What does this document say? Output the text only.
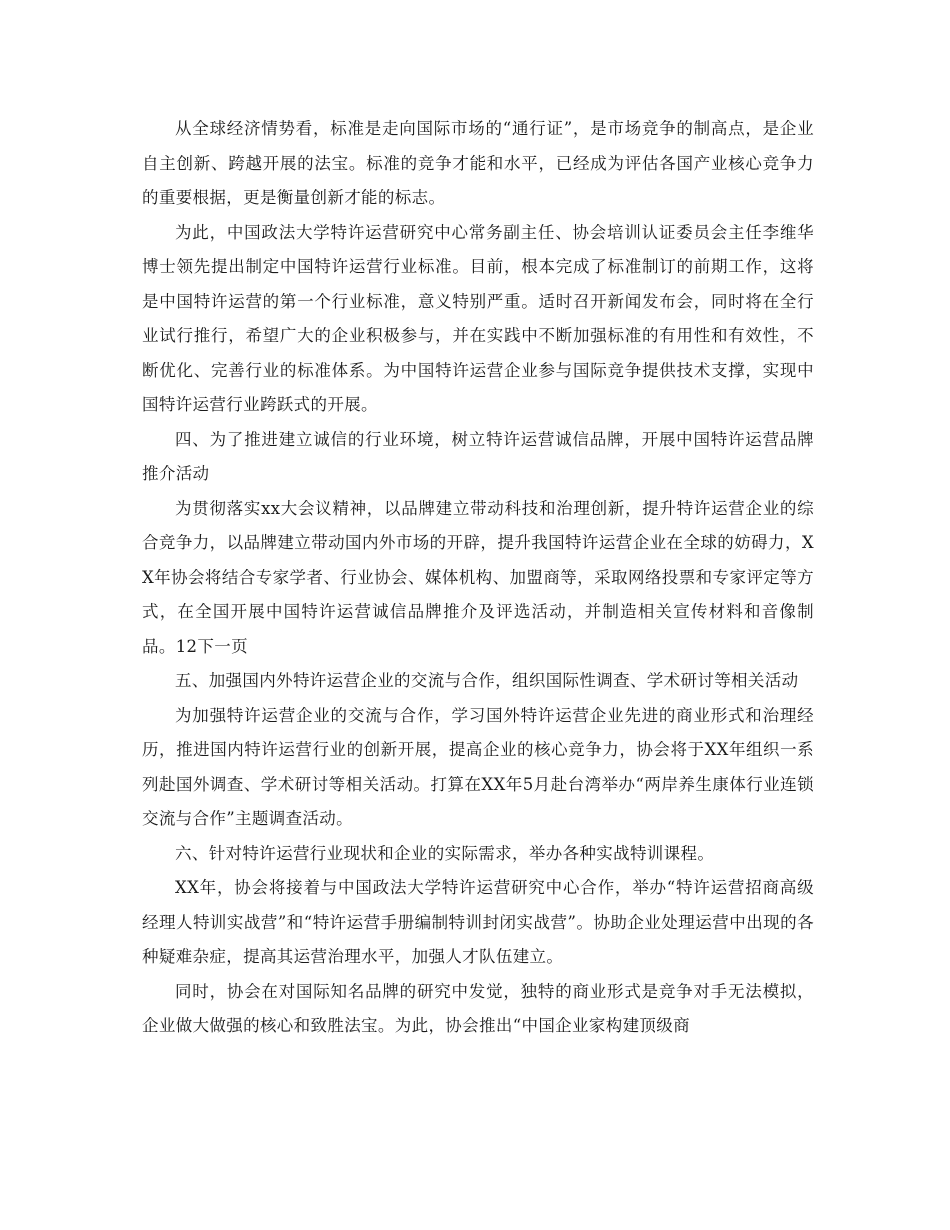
从全球经济情势看，标准是走向国际市场的“通行证”，是市场竞争的制高点，是企业自主创新、跨越开展的法宝。标准的竞争才能和水平，已经成为评估各国产业核心竞争力的重要根据，更是衡量创新才能的标志。

为此，中国政法大学特许运营研究中心常务副主任、协会培训认证委员会主任李维华博士领先提出制定中国特许运营行业标准。目前，根本完成了标准制订的前期工作，这将是中国特许运营的第一个行业标准，意义特别严重。适时召开新闻发布会，同时将在全行业试行推行，希望广大的企业积极参与，并在实践中不断加强标准的有用性和有效性，不断优化、完善行业的标准体系。为中国特许运营企业参与国际竞争提供技术支撑，实现中国特许运营行业跨跃式的开展。

四、为了推进建立诚信的行业环境，树立特许运营诚信品牌，开展中国特许运营品牌推介活动

为贯彻落实xx大会议精神，以品牌建立带动科技和治理创新，提升特许运营企业的综合竞争力，以品牌建立带动国内外市场的开辟，提升我国特许运营企业在全球的妨碍力，XX年协会将结合专家学者、行业协会、媒体机构、加盟商等，采取网络投票和专家评定等方式，在全国开展中国特许运营诚信品牌推介及评选活动，并制造相关宣传材料和音像制品。12下一页

五、加强国内外特许运营企业的交流与合作，组织国际性调查、学术研讨等相关活动

为加强特许运营企业的交流与合作，学习国外特许运营企业先进的商业形式和治理经历，推进国内特许运营行业的创新开展，提高企业的核心竞争力，协会将于XX年组织一系列赴国外调查、学术研讨等相关活动。打算在XX年5月赴台湾举办“两岸养生康体行业连锁交流与合作”主题调查活动。

六、针对特许运营行业现状和企业的实际需求，举办各种实战特训课程。

XX年，协会将接着与中国政法大学特许运营研究中心合作，举办“特许运营招商高级经理人特训实战营”和“特许运营手册编制特训封闭实战营”。协助企业处理运营中出现的各种疑难杂症，提高其运营治理水平，加强人才队伍建立。

同时，协会在对国际知名品牌的研究中发觉，独特的商业形式是竞争对手无法模拟，企业做大做强的核心和致胜法宝。为此，协会推出“中国企业家构建顶级商
